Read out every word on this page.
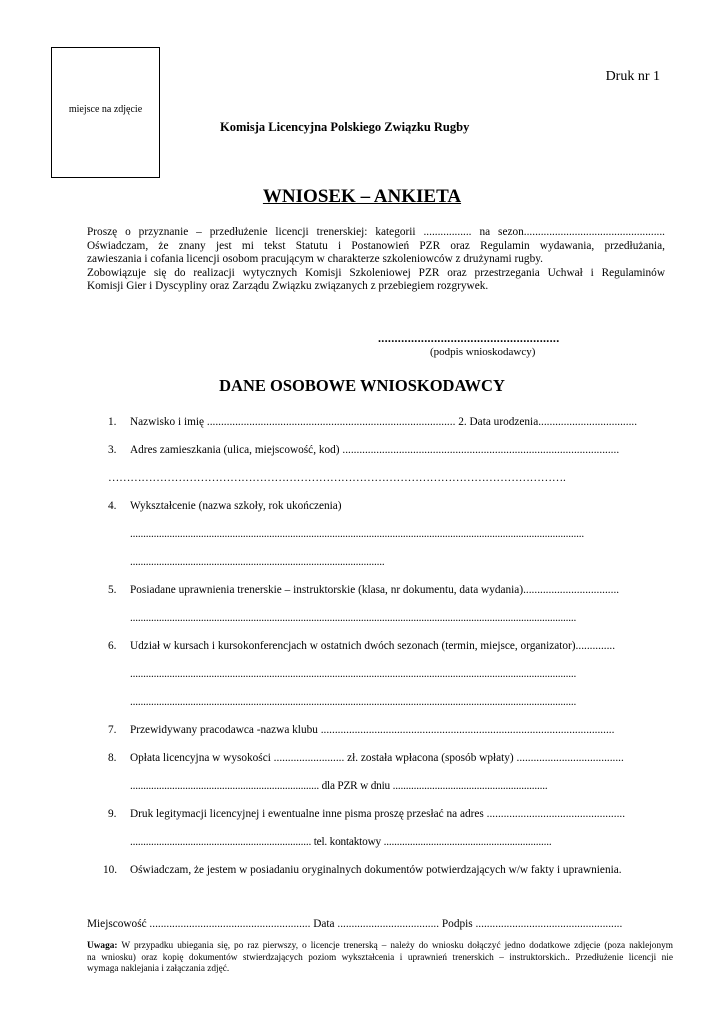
miejsce na zdjęcie
Druk nr 1
Komisja Licencyjna Polskiego Związku Rugby
WNIOSEK – ANKIETA
Proszę o przyznanie – przedłużenie licencji trenerskiej: kategorii ................. na sezon..................................................
Oświadczam, że znany jest mi tekst Statutu i Postanowień PZR oraz Regulamin wydawania, przedłużania,
zawieszania i cofania licencji osobom pracującym w charakterze szkoleniowców z drużynami rugby.
Zobowiązuje się do realizacji wytycznych Komisji Szkoleniowej PZR oraz przestrzegania Uchwał i Regulaminów
Komisji Gier i Dyscypliny oraz Zarządu Związku związanych z przebiegiem rozgrywek.
.......................................................
(podpis wnioskodawcy)
DANE OSOBOWE WNIOSKODAWCY
1. Nazwisko i imię ........................................................................................ 2. Data urodzenia...................................
3. Adres zamieszkania (ulica, miejscowość, kod) ..................................................................................................
…………………………………………………………………………………………………………….
4. Wykształcenie (nazwa szkoły, rok ukończenia)
.............................................................................................................................................................................
.................................................................................................
5. Posiadane uprawnienia trenerskie – instruktorskie (klasa, nr dokumentu, data wydania)..................................
..........................................................................................................................................................................
6. Udział w kursach i kursokonferencjach w ostatnich dwóch sezonach (termin, miejsce, organizator)..............
..........................................................................................................................................................................
..........................................................................................................................................................................
7. Przewidywany pracodawca -nazwa klubu ........................................................................................................
8. Opłata licencyjna w wysokości ......................... zł. została wpłacona (sposób wpłaty) ......................................
........................................................................ dla PZR w dniu ...........................................................
9. Druk legitymacji licencyjnej i ewentualne inne pisma proszę przesłać na adres .................................................
..................................................................... tel. kontaktowy ................................................................
10. Oświadczam, że jestem w posiadaniu oryginalnych dokumentów potwierdzających w/w fakty i uprawnienia.
Miejscowość ......................................................... Data .................................... Podpis ....................................................
Uwaga: W przypadku ubiegania się, po raz pierwszy, o licencje trenerską – należy do wniosku dołączyć jedno dodatkowe zdjęcie (poza naklejonym
na wniosku) oraz kopię dokumentów stwierdzających poziom wykształcenia i uprawnień trenerskich – instruktorskich.. Przedłużenie licencji nie
wymaga naklejania i załączania zdjęć.
